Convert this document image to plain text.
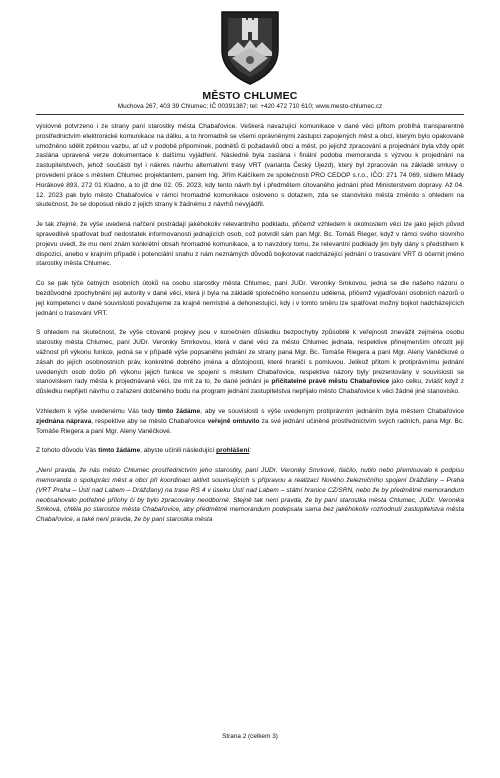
MĚSTO CHLUMEC
Muchova 267, 403 39 Chlumec; IČ 00391387; tel: +420 472 710 610; www.mesto-chlumec.cz

výslovně potvrzeno i ze strany paní starostky města Chabařovice. Veškerá navazující komunikace v dané věci přitom probíhá transparentně prostřednictvím elektronické komunikace na dálku, a to hromadně se všemi oprávněnými zástupci zapojených měst a obcí, kterým bylo opakovaně umožněno sdělit zpětnou vazbu, ať už v podobě připomínek, podnětů či požadavků obcí a měst, po jejichž zpracování a projednání byla vždy opět zaslána upravená verze dokumentace k dalšímu vyjádření. Následně byla zaslána i finální podoba memoranda s výzvou k projednání na zastupitelstvech, jehož součástí byl i nákres návrhu alternativní trasy VRT (varianta Český Újezd), který byl zpracován na základě smluvy o provedení práce s městem Chlumec projektantem, panem Ing. Jiřím Kalčíkem ze společnosti PRO CEDOP s.r.o., IČO: 271 74 069, sídlem Milady Horákové 893, 272 01 Kladno, a to již dne 02. 05. 2023, kdy tento návrh byl i předmětem citovaného jednání před Ministerstvem dopravy. Až 04. 12. 2023 pak bylo město Chabařovice v rámci hromadné komunikace osloveno s dotazem, zda se stanovisko města změnilo s ohledem na skutečnost, že se doposud nikdo z jejich strany k žádnému z návrhů nevyjádřil.

Je tak zřejmé, že výše uvedená nařčení postrádají jakéhokoliv relevantního podkladu, přičemž vzhledem k okolnostem věci lze jako jejich původ spravedlivě spatřovat buď nedostatek informovanosti jednajících osob, což potvrdil sám pan Mgr. Bc. Tomáš Rieger, když v rámci svého slovního projevu uvedl, že mu není znám konkrétní obsah hromadné komunikace, a to navzdory tomu, že relevantní podklady jim byly dány s předstihem k dispozici, anebo v krajním případě i potenciální snahu z nám neznámých důvodů bojkotovat nadcházející jednání o trasování VRT či očernit jméno starostky města Chlumec.

Co se pak týče četných osobních útoků na osobu starostky města Chlumec, paní JUDr. Veroniky Smkovou, jedná se dle našeho názoru o bezdůvodné zpochybnění její autority v dané věci, která jí byla na základě společného konsenzu udělena, přičemž vyjadřování osobních názorů o její kompetenci v dané souvislosti považujeme za krajně nemístné a dehonestující, kdy i v tomto směru lze spatřovat možný bojkot nadcházejících jednání o trasování VRT.

S ohledem na skutečnost, že výše citované projevy jsou v konečném důsledku bezpochyby způsobilé k veřejnosti znevážit zejména osobu starostky města Chlumec, paní JUDr. Veroniky Smrkovou, která v dané věci za město Chlumec jednala, respektive přinejmenším ohrozit její vážnost při výkonu funkce, jedná se v případě výše popsaného jednání ze strany pana Mgr. Bc. Tomáše Riegera a paní Mgr. Aleny Vaněčkové o zásah do jejích osobnostních práv, konkrétně dobrého jména a důstojnosti, které hraničí s pomluvou. Jelikož přitom k protiprávnímu jednání uvedených osob došlo při výkonu jejich funkce ve spojení s městem Chabařovice, respektive názory byly prezentovány v souvislosti se stanoviskem rady města k projednávané věci, lze mít za to, že dané jednání je přičitatelné právě městu Chabařovice jako celku, zvlášť když z důsledku nepřijetí návrhu o zařazení dotčeného bodu na program jednání zastupitelstva nepřijalo město Chabařovice k věci žádné jiné stanovisko.

Vzhledem k výše uvedenému Vás tedy tímto žádáme, aby ve souvislosti s výše uvedeným protiprávním jednáním byla městem Chabařovice zjednána náprava, respektive aby se město Chabařovice veřejně omluvilo za své jednání učiněné prostřednictvím svých radních, pana Mgr. Bc. Tomáše Riegera a paní Mgr. Aleny Vaněčkové.

Z tohoto důvodu Vás tímto žádáme, abyste učinili následující prohlášení:

„Není pravda, že nás město Chlumec prostřednictvím jeho starostky, paní JUDr. Veroniky Smrkové, tlačilo, nutilo nebo přemlouvalo k podpisu memoranda o spolupráci měst a obcí při koordinaci aktivit souvisejících s přípravou a realizací Nového železničního spojení Drážďany – Praha (VRT Praha – Ústí nad Labem – Drážďany) na trase RS 4 v úseku Ústí nad Labem – státní hranice CZ/SRN, nebo že by předmětné memorandum neobsahovalo potřebné přílohy či by bylo zpracovány neodborně. Stejně tak není pravda, že by paní starostka města Chlumec, JUDr. Veronika Smková, chtěla po starostce města Chabařovice, aby předmětné memorandum podepsala sama bez jakéhokoliv rozhodnutí zastupitelstva města Chabařovice, a také není pravda, že by paní starostka města

Strana 2 (celkem 3)
